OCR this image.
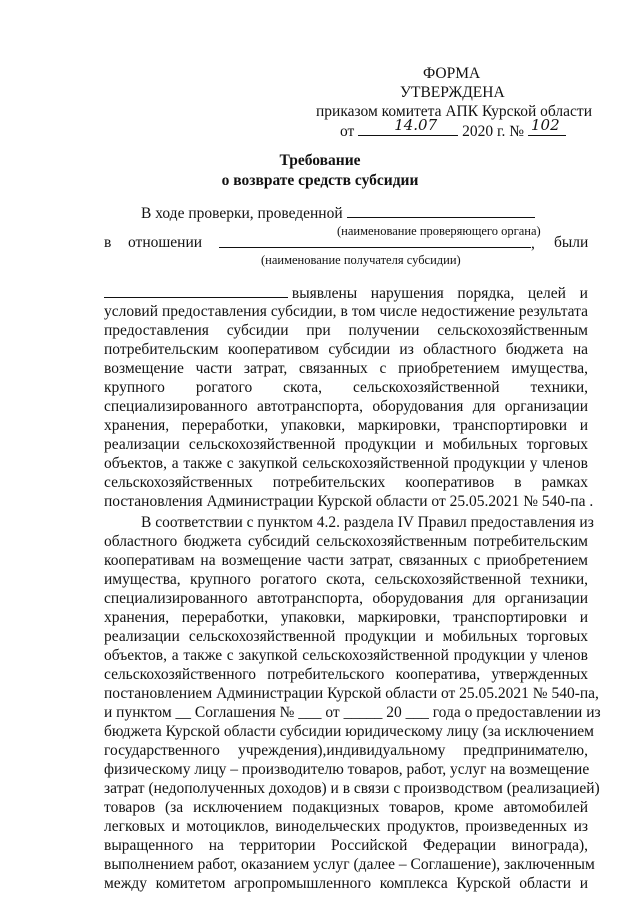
ФОРМА
УТВЕРЖДЕНА
приказом комитета АПК Курской области
от	14.07 2020 г. № 102
Требование
о возврате средств субсидии
В ходе проверки, проведенной
(наименование проверяющего органа)
в отношении	, были
(наименование получателя субсидии)
выявлены нарушения порядка, целей и
условий предоставления субсидии, в том числе недостижение результата
предоставления субсидии при получении сельскохозяйственным
потребительским кооперативом субсидии из областного бюджета на
возмещение части затрат, связанных с приобретением имущества,
крупного рогатого скота, сельскохозяйственной техники,
специализированного автотранспорта, оборудования для организации
хранения, переработки, упаковки, маркировки, транспортировки и
реализации сельскохозяйственной продукции и мобильных торговых
объектов, а также с закупкой сельскохозяйственной продукции у членов
сельскохозяйственных потребительских кооперативов в рамках
постановления Администрации Курской области от 25.05.2021 № 540-па .
В соответствии с пунктом 4.2. раздела IV Правил предоставления из
областного бюджета субсидий сельскохозяйственным потребительским
кооперативам на возмещение части затрат, связанных с приобретением
имущества, крупного рогатого скота, сельскохозяйственной техники,
специализированного автотранспорта, оборудования для организации
хранения, переработки, упаковки, маркировки, транспортировки и
реализации сельскохозяйственной продукции и мобильных торговых
объектов, а также с закупкой сельскохозяйственной продукции у членов
сельскохозяйственного потребительского кооператива, утвержденных
постановлением Администрации Курской области от 25.05.2021 № 540-па,
и пунктом __ Соглашения № ___ от _____ 20 ___ года о предоставлении из
бюджета Курской области субсидии юридическому лицу (за исключением
государственного учреждения),индивидуальному предпринимателю,
физическому лицу – производителю товаров, работ, услуг на возмещение
затрат (недополученных доходов) и в связи с производством (реализацией)
товаров (за исключением подакцизных товаров, кроме автомобилей
легковых и мотоциклов, винодельческих продуктов, произведенных из
выращенного на территории Российской Федерации винограда),
выполнением работ, оказанием услуг (далее – Соглашение), заключенным
между комитетом агропромышленного комплекса Курской области и
